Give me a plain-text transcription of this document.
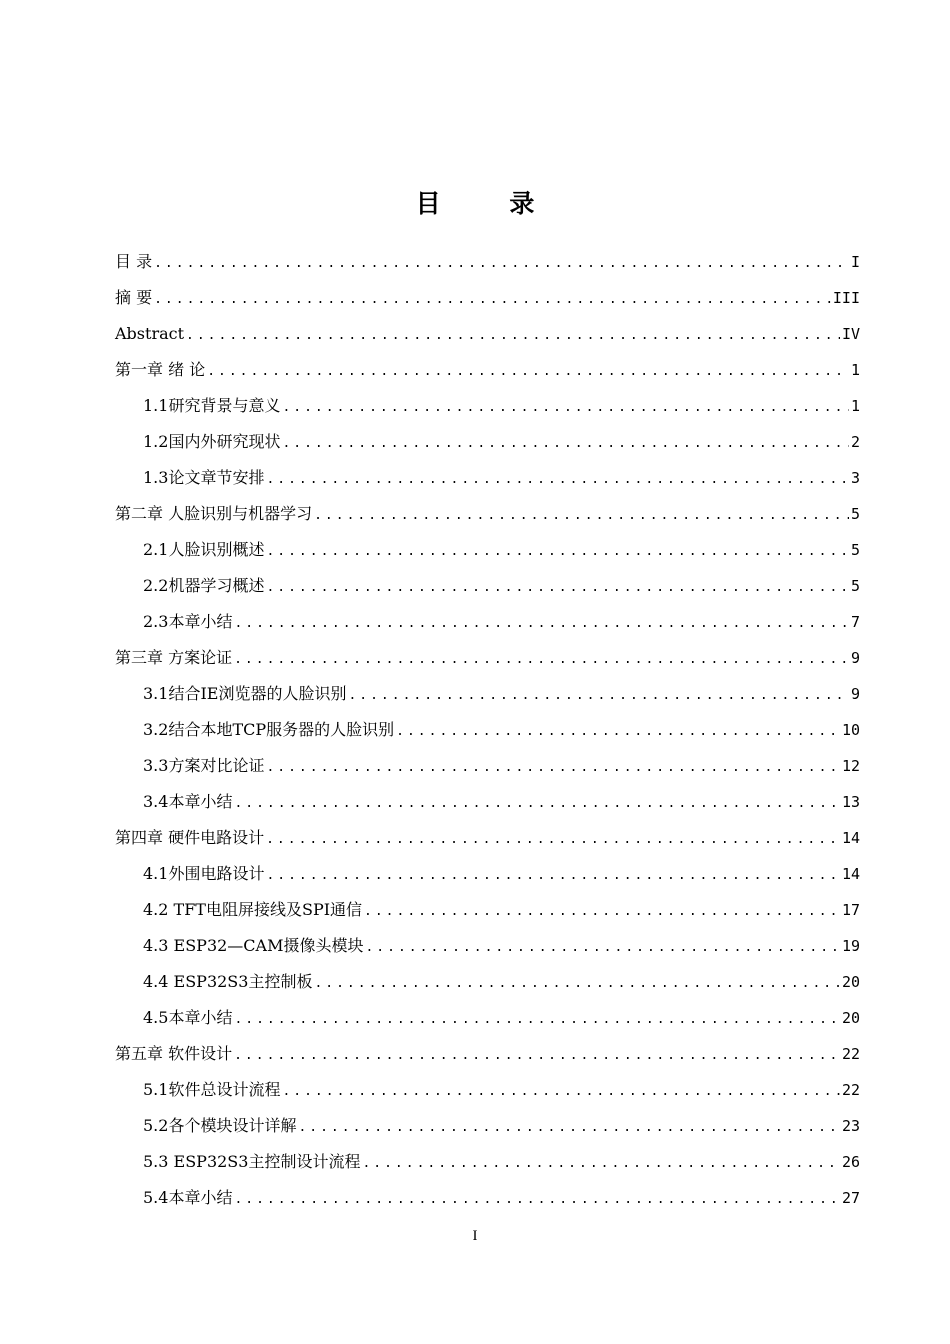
目 录
目 录 .....	I
摘 要 .....	III
Abstract .....	IV
第一章 绪 论 .....	1
1.1研究背景与意义 .....	1
1.2国内外研究现状 .....	2
1.3论文章节安排 .....	3
第二章 人脸识别与机器学习 .....	5
2.1人脸识别概述 .....	5
2.2机器学习概述 .....	5
2.3本章小结 .....	7
第三章 方案论证 .....	9
3.1结合IE浏览器的人脸识别 .....	9
3.2结合本地TCP服务器的人脸识别 .....	10
3.3方案对比论证 .....	12
3.4本章小结 .....	13
第四章 硬件电路设计 .....	14
4.1外围电路设计 .....	14
4.2 TFT电阻屏接线及SPI通信 .....	17
4.3 ESP32—CAM摄像头模块 .....	19
4.4 ESP32S3主控制板 .....	20
4.5本章小结 .....	20
第五章 软件设计 .....	22
5.1软件总设计流程 .....	22
5.2各个模块设计详解 .....	23
5.3 ESP32S3主控制设计流程 .....	26
5.4本章小结 .....	27
I
